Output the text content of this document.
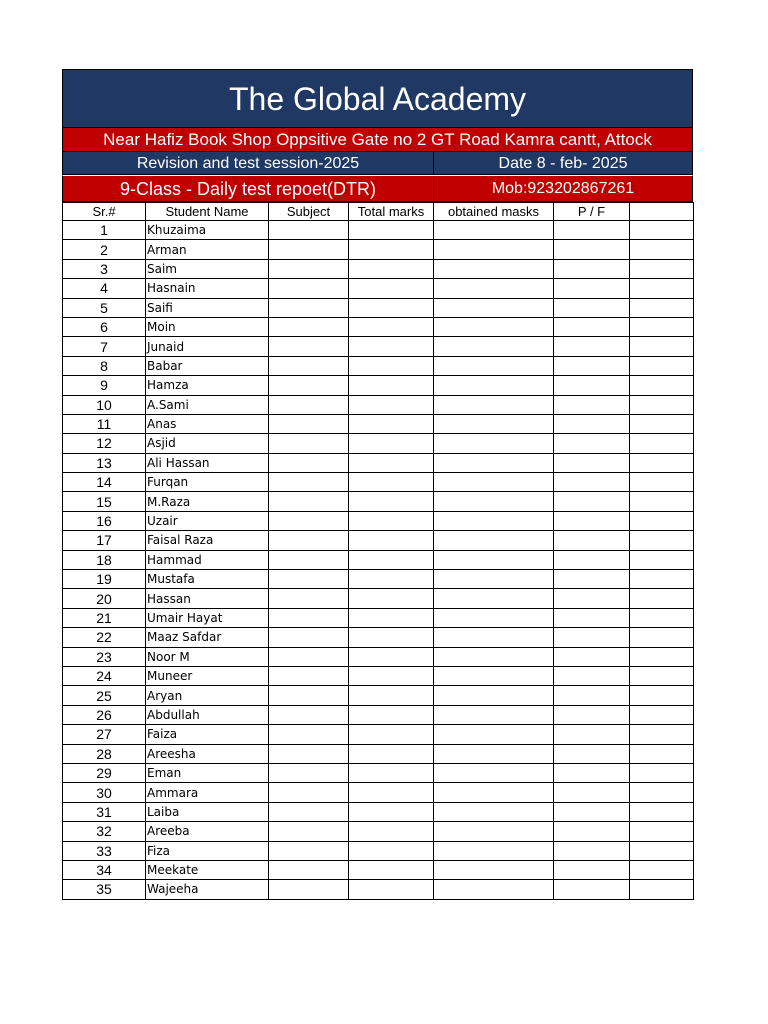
The Global Academy
Near Hafiz Book Shop Oppsitive Gate no 2 GT Road Kamra cantt, Attock
Revision and test session-2025	Date 8 - feb- 2025
9-Class - Daily test repoet(DTR)	Mob:923202867261
Sr.#	Student Name	Subject	Total marks	obtained masks	P / F	
1	Khuzaima					
2	Arman					
3	Saim					
4	Hasnain					
5	Saifi					
6	Moin					
7	Junaid					
8	Babar					
9	Hamza					
10	A.Sami					
11	Anas					
12	Asjid					
13	Ali Hassan					
14	Furqan					
15	M.Raza					
16	Uzair					
17	Faisal Raza					
18	Hammad					
19	Mustafa					
20	Hassan					
21	Umair Hayat					
22	Maaz Safdar					
23	Noor M					
24	Muneer					
25	Aryan					
26	Abdullah					
27	Faiza					
28	Areesha					
29	Eman					
30	Ammara					
31	Laiba					
32	Areeba					
33	Fiza					
34	Meekate					
35	Wajeeha					
